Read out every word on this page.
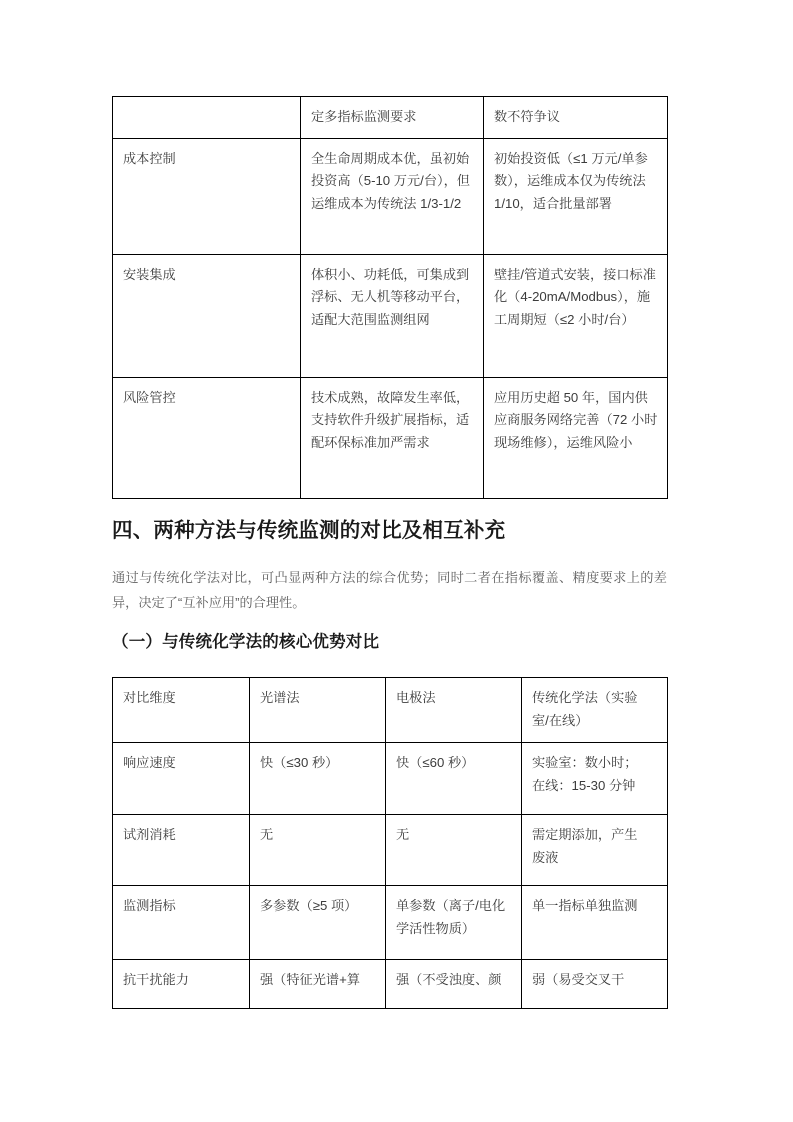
	定多指标监测要求	数不符争议
成本控制	全生命周期成本优，虽初始投资高（5-10 万元/台），但运维成本为传统法 1/3-1/2	初始投资低（≤1 万元/单参数），运维成本仅为传统法 1/10，适合批量部署
安装集成	体积小、功耗低，可集成到浮标、无人机等移动平台，适配大范围监测组网	壁挂/管道式安装，接口标准化（4-20mA/Modbus），施工周期短（≤2 小时/台）
风险管控	技术成熟，故障发生率低，支持软件升级扩展指标，适配环保标准加严需求	应用历史超 50 年，国内供应商服务网络完善（72 小时现场维修），运维风险小
四、两种方法与传统监测的对比及相互补充

通过与传统化学法对比，可凸显两种方法的综合优势；同时二者在指标覆盖、精度要求上的差异，决定了“互补应用”的合理性。

（一）与传统化学法的核心优势对比
对比维度	光谱法	电极法	传统化学法（实验
室/在线）

响应速度	快（≤30 秒）	快（≤60 秒）	实验室：数小时；
在线：15-30 分钟

试剂消耗	无	无	需定期添加，产生
废液

监测指标	多参数（≥5 项）	单参数（离子/电化学活性物质）	单一指标单独监测

抗干扰能力	强（特征光谱+算	强（不受浊度、颜	弱（易受交叉干
